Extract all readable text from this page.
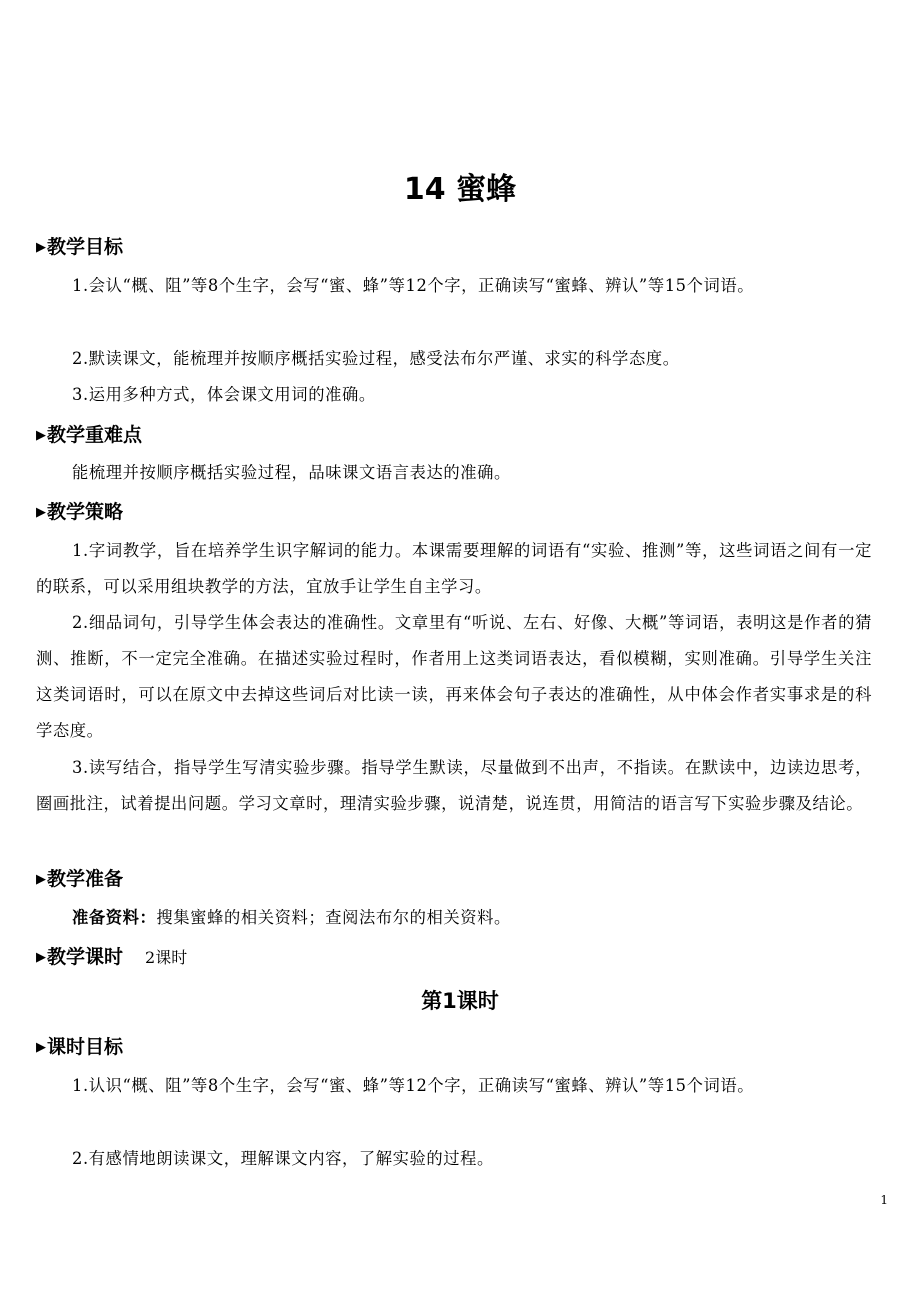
14 蜜蜂
▶教学目标
1.会认“概、阻”等8个生字，会写“蜜、蜂”等12个字，正确读写“蜜蜂、辨认”等15个词语。
2.默读课文，能梳理并按顺序概括实验过程，感受法布尔严谨、求实的科学态度。
3.运用多种方式，体会课文用词的准确。
▶教学重难点
能梳理并按顺序概括实验过程，品味课文语言表达的准确。
▶教学策略
1.字词教学，旨在培养学生识字解词的能力。本课需要理解的词语有“实验、推测”等，这些词语之间有一定的联系，可以采用组块教学的方法，宜放手让学生自主学习。
2.细品词句，引导学生体会表达的准确性。文章里有“听说、左右、好像、大概”等词语，表明这是作者的猜测、推断，不一定完全准确。在描述实验过程时，作者用上这类词语表达，看似模糊，实则准确。引导学生关注这类词语时，可以在原文中去掉这些词后对比读一读，再来体会句子表达的准确性，从中体会作者实事求是的科学态度。
3.读写结合，指导学生写清实验步骤。指导学生默读，尽量做到不出声，不指读。在默读中，边读边思考，圈画批注，试着提出问题。学习文章时，理清实验步骤，说清楚，说连贯，用简洁的语言写下实验步骤及结论。
▶教学准备
准备资料：搜集蜜蜂的相关资料；查阅法布尔的相关资料。
▶教学课时 2课时
第1课时
▶课时目标
1.认识“概、阻”等8个生字，会写“蜜、蜂”等12个字，正确读写“蜜蜂、辨认”等15个词语。
2.有感情地朗读课文，理解课文内容，了解实验的过程。
1
